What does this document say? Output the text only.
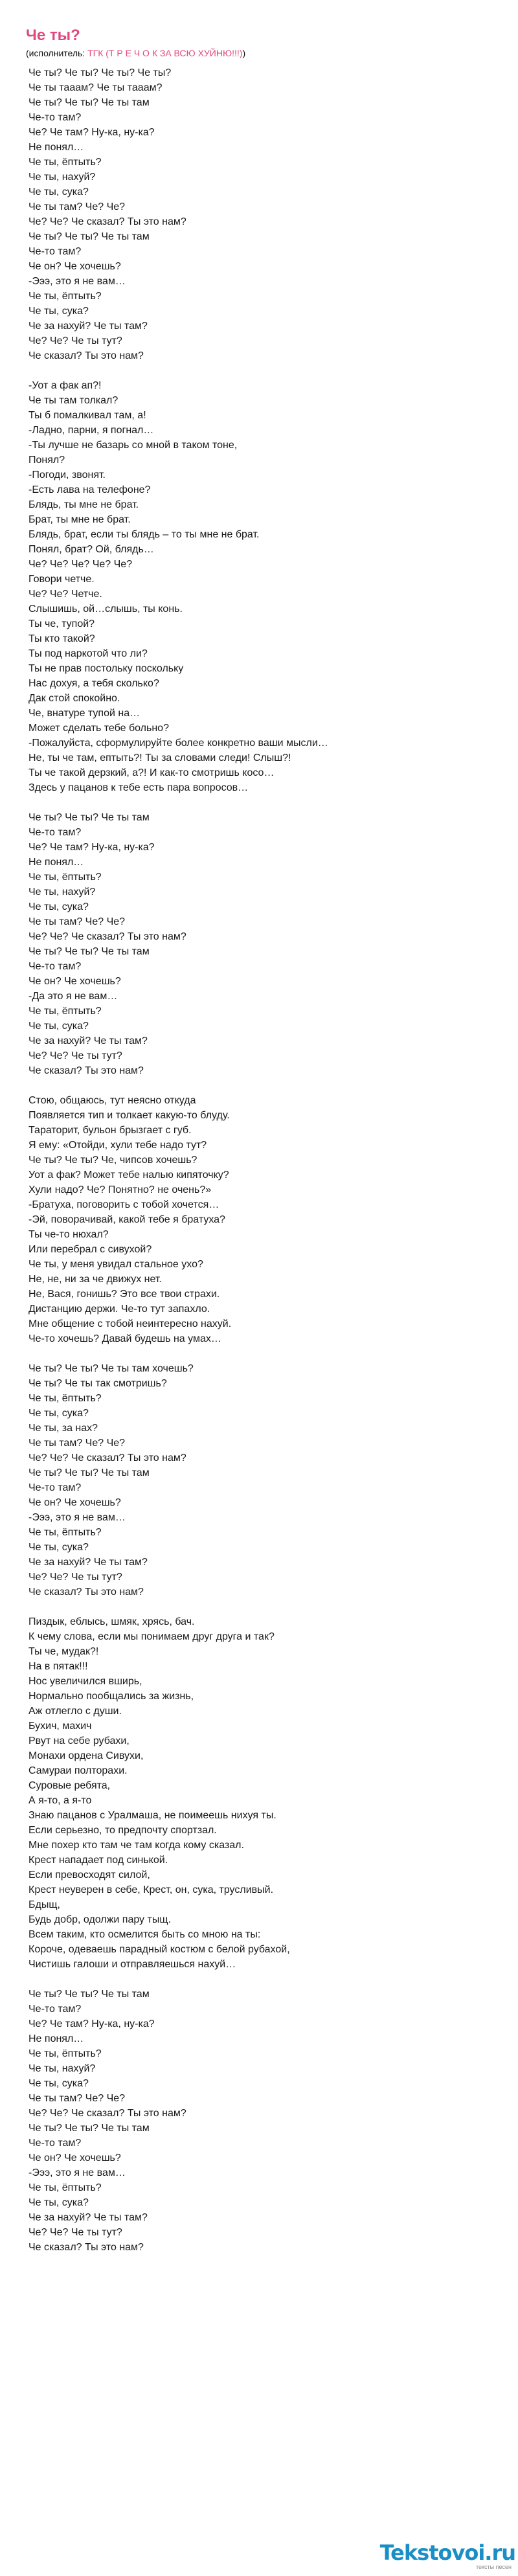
Че ты?
(исполнитель: ТГК (Т Р Е Ч О К ЗА ВСЮ ХУЙНЮ!!!))
Че ты? Че ты? Че ты? Че ты?
Че ты тааам? Че ты тааам?
Че ты? Че ты? Че ты там
Че-то там?
Че? Че там? Ну-ка, ну-ка?
Не понял…
Че ты, ёптыть?
Че ты, нахуй?
Че ты, сука?
Че ты там? Че? Че?
Че? Че? Че сказал? Ты это нам?
Че ты? Че ты? Че ты там
Че-то там?
Че он? Че хочешь?
-Эээ, это я не вам…
Че ты, ёптыть?
Че ты, сука?
Че за нахуй? Че ты там?
Че? Че? Че ты тут?
Че сказал? Ты это нам?
-Уот а фак ап?!
Че ты там толкал?
Ты б помалкивал там, а!
-Ладно, парни, я погнал…
-Ты лучше не базарь со мной в таком тоне,
Понял?
-Погоди, звонят.
-Есть лава на телефоне?
Блядь, ты мне не брат.
Брат, ты мне не брат.
Блядь, брат, если ты блядь – то ты мне не брат.
Понял, брат? Ой, блядь…
Че? Че? Че? Че? Че?
Говори четче.
Че? Че? Четче.
Слышишь, ой…слышь, ты конь.
Ты че, тупой?
Ты кто такой?
Ты под наркотой что ли?
Ты не прав постольку поскольку
Нас дохуя, а тебя сколько?
Дак стой спокойно.
Че, внатуре тупой на…
Может сделать тебе больно?
-Пожалуйста, сформулируйте более конкретно ваши мысли…
Не, ты че там, ептыть?! Ты за словами следи! Слыш?!
Ты че такой дерзкий, а?! И как-то смотришь косо…
Здесь у пацанов к тебе есть пара вопросов…
Че ты? Че ты? Че ты там
Че-то там?
Че? Че там? Ну-ка, ну-ка?
Не понял…
Че ты, ёптыть?
Че ты, нахуй?
Че ты, сука?
Че ты там? Че? Че?
Че? Че? Че сказал? Ты это нам?
Че ты? Че ты? Че ты там
Че-то там?
Че он? Че хочешь?
-Да это я не вам…
Че ты, ёптыть?
Че ты, сука?
Че за нахуй? Че ты там?
Че? Че? Че ты тут?
Че сказал? Ты это нам?
Стою, общаюсь, тут неясно откуда
Появляется тип и толкает какую-то блуду.
Тараторит, бульон брызгает с губ.
Я ему: «Отойди, хули тебе надо тут?
Че ты? Че ты? Че, чипсов хочешь?
Уот а фак? Может тебе налью кипяточку?
Хули надо? Че? Понятно? не очень?»
-Братуха, поговорить с тобой хочется…
-Эй, поворачивай, какой тебе я братуха?
Ты че-то нюхал?
Или перебрал с сивухой?
Че ты, у меня увидал стальное ухо?
Не, не, ни за че движух нет.
Не, Вася, гонишь? Это все твои страхи.
Дистанцию держи. Че-то тут запахло.
Мне общение с тобой неинтересно нахуй.
Че-то хочешь? Давай будешь на умах…
Че ты? Че ты? Че ты там хочешь?
Че ты? Че ты так смотришь?
Че ты, ёптыть?
Че ты, сука?
Че ты, за нах?
Че ты там? Че? Че?
Че? Че? Че сказал? Ты это нам?
Че ты? Че ты? Че ты там
Че-то там?
Че он? Че хочешь?
-Эээ, это я не вам…
Че ты, ёптыть?
Че ты, сука?
Че за нахуй? Че ты там?
Че? Че? Че ты тут?
Че сказал? Ты это нам?
Пиздык, еблысь, шмяк, хрясь, бач.
К чему слова, если мы понимаем друг друга и так?
Ты че, мудак?!
На в пятак!!!
Нос увеличился вширь,
Нормально пообщались за жизнь,
Аж отлегло с души.
Бухич, махич
Рвут на себе рубахи,
Монахи ордена Сивухи,
Самураи полторахи.
Суровые ребята,
А я-то, а я-то
Знаю пацанов с Уралмаша, не поимеешь нихуя ты.
Если серьезно, то предпочту спортзал.
Мне похер кто там че там когда кому сказал.
Крест нападает под синькой.
Если превосходят силой,
Крест неуверен в себе, Крест, он, сука, трусливый.
Бдыщ,
Будь добр, одолжи пару тыщ.
Всем таким, кто осмелится быть со мною на ты:
Короче, одеваешь парадный костюм с белой рубахой,
Чистишь галоши и отправляешься нахуй…
Че ты? Че ты? Че ты там
Че-то там?
Че? Че там? Ну-ка, ну-ка?
Не понял…
Че ты, ёптыть?
Че ты, нахуй?
Че ты, сука?
Че ты там? Че? Че?
Че? Че? Че сказал? Ты это нам?
Че ты? Че ты? Че ты там
Че-то там?
Че он? Че хочешь?
-Эээ, это я не вам…
Че ты, ёптыть?
Че ты, сука?
Че за нахуй? Че ты там?
Че? Че? Че ты тут?
Че сказал? Ты это нам?
Tekstovoi.ru
тексты песен
